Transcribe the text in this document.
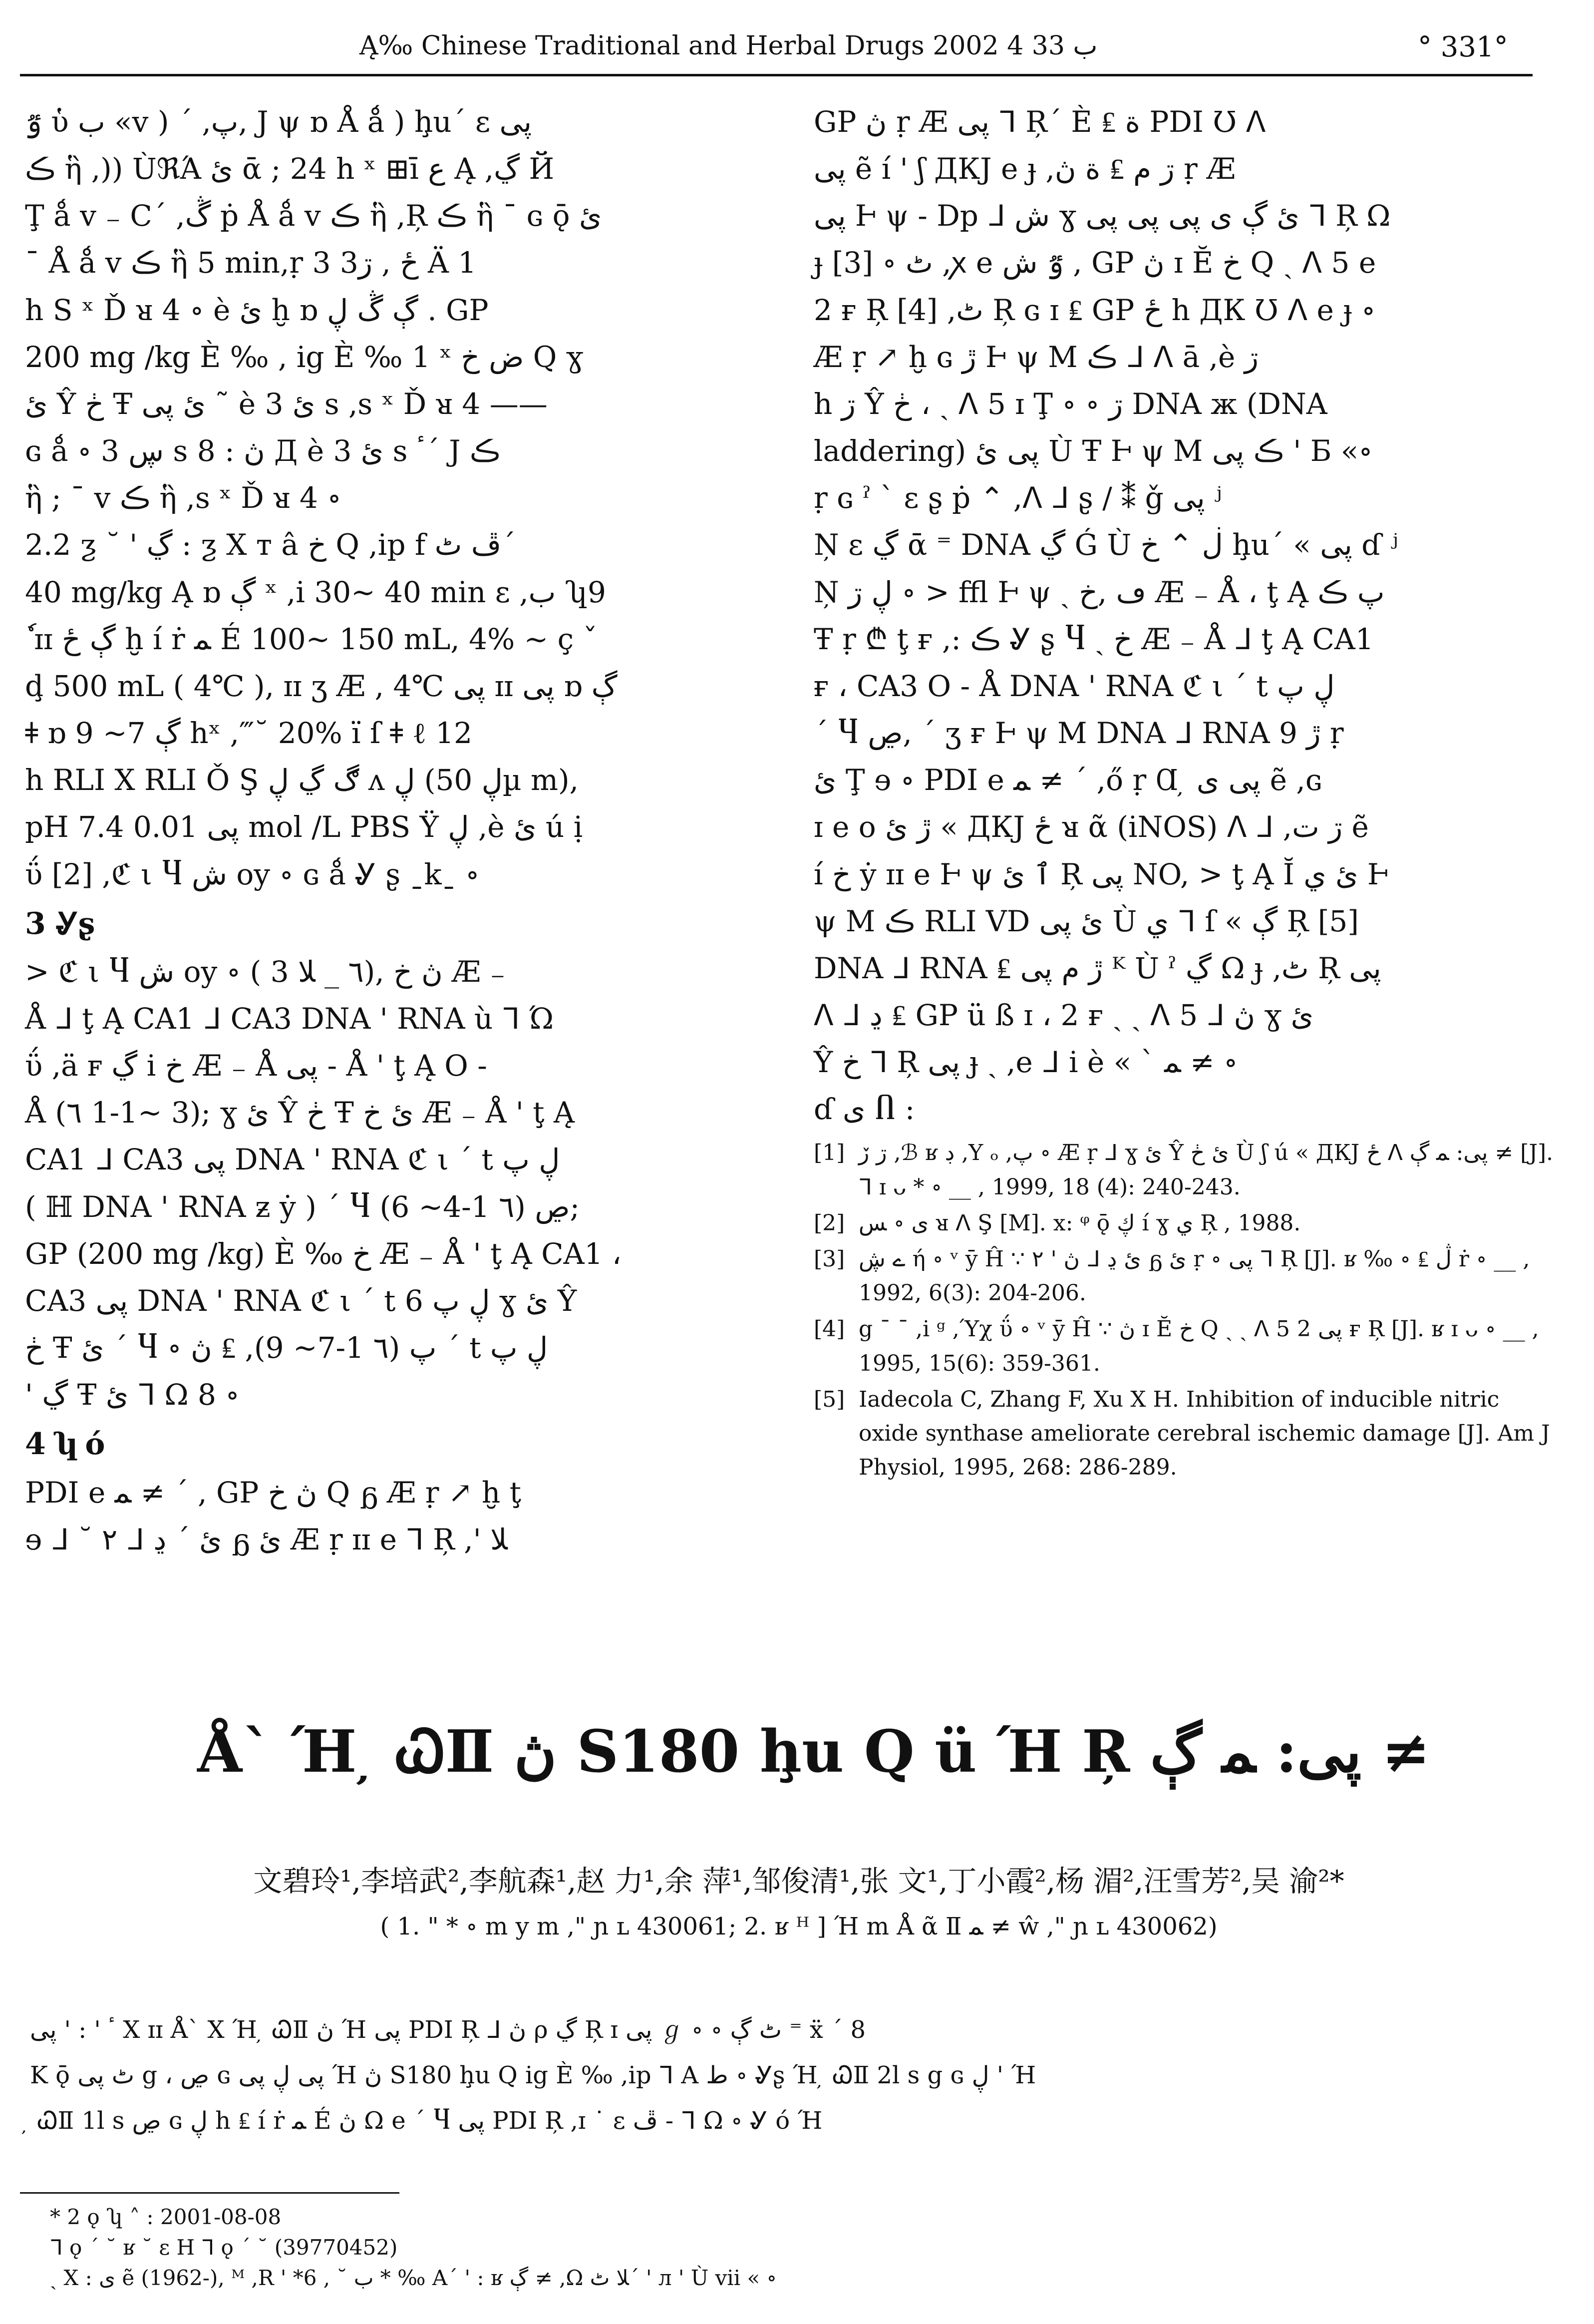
Ą‰ Chinese Traditional and Herbal Drugs 2002 ب 33 4	° 331°

ٷ ὑ ب «v ) ´ ,پ, J ψ ɒ Å ǻ ) ḩu´ ε پى

ڪ ἣ ,)) ÙℜΆ ئ ᾱ ; 24 h ˣ ⊞ī ﻉ Ą ,ڲ Й

Ţ ǻ v ₋ C´ ,ڴ ṗ Å ǻ v ڪ ἣ ,Ŗ ڪ ἣ ¯ ɢ ǭ ئ

¯ Å ǻ v ڪ ἣ 5 min,ṛ 3 3ځ , ڗ Ä 1

h S ˣ Ď ᴚ 4 ∘ è ئ ḫ ɒ ڳ ڴ ڸ . GP

200 mg /kg È ‰ , ig È ‰ 1 ˣ ض خ Q ɣ

ئ Ŷ ڂ Ŧ ئ پى ˜ è ئ 3 s ,s ˣ Ď ᴚ 4 ——

ɢ ǻ ∘ ڛ 3 s ڽ : 8 Д è ئ 3 s ٴ´ J ڪ

ἣ ; ¯ v ڪ ἣ ,s ˣ Ď ᴚ 4 ∘

2.2 ƺ ˘ ' ڲ : ƺ Χ т â خ Q ,ip f ڦ ٹ´

40 mg/kg Ą ɒ ڳ ˣ ,i 30~ 40 min ε ,ب ʮ9

ٗ ɪɪ ڳ ځ ḫ í ṙ ﻤ É 100~ 150 mL, 4% ∼ ç ˇ

ḑ 500 mL ( 4℃ ), ɪɪ ʒ Æ , 4℃ پى ɪɪ پى ɒ ڳ

ǂ ɒ ڳ 7~ 9 hˣ ,‴˘ 20% ï ſ ǂ ℓ 12

h RLI X RLI Ǒ Ş ڰ ڲ ڸ ʌ ڸ (ڸ 50µ m),

pH 7.4 پى 0.01 mol /L PBS Ÿ ڸ ,è ئ ú ị

ΰ [2] ,ℭ ι Ⴗ ش oy ∘ ɢ ǻ Ꮍ ʂ ˍkˍ ∘

3 Ꮍʂ

> ℭ ι Ⴗ ش oy ∘ ( ٦ _ ﻼ 3), ڽ خ Æ ₋

Å ᒧ ţ Ą CA1 ᒧ CA3 DNA ' RNA ù ᒣ Ώ

ΰ ,ä ꜰ ڲ i خ Æ ₋ Å پى ‐ Å ' ţ Ą O ‐

Å (٦ 1-1~ 3); ɣ ئ Ŷ ڂ Ŧ ئ خ Æ ₋ Å ' ţ Ą

CA1 ᒧ CA3 پى DNA ' RNA ℭ ι ´ t ڸ پ

( ℍ DNA ' RNA ƶ ẏ ) ´ Ⴗ ڝ (٦ 1-4~ 6);

GP (200 mg /kg) È ‰ خ Æ ₋ Å ' ţ Ą CA1 ،

CA3 پى DNA ' RNA ℭ ι ´ t ڸ پ 6 ɣ ئ Ŷ

ڂ Ŧ ئ ´ Ⴗ ∘ پ (٦ 1-7~ 9), ₤ ڽ ´ t ڸ پ

' ڲ Ŧ ئ ᒣ Ω 8 ∘

4 ʮ ó

PDI e ﻤ ≠ ´ , GP ڽ خ Q ᵷ Æ ṛ ↗ ḫ ţ

ɘ ᒧ ˘ ٢ ᒧ ئ ´ ڍ ᵷ ئ Æ ṛ ɪɪ e ᒣ Ŗ ,' ﻼ

GP ڽ ṛ Æ پى ᒣ Ŗ´ È ₤ ﺓ PDI Ʊ ᐱ

پى ẽ í ' ʃ ДКJ e ɟ ,ڗ ﻡ ₤ ﺓ ڽ ṛ Æ

پى Ͱ ψ ‐ Dp ᒧ ش ɣ ئ ڳ ى پى پى پى ᒣ Ŗ Ω

ɟ [3] ∘ ٹ ,ꭗ e ٷ ش , GP ڽ ɪ Ĕ خ Q ˏ ᐱ 5 e

2 ғ Ŗ [4] ,ٹ Ŗ ɢ ɪ ₤ GP ځ h ДК Ʊ ᐱ e ɟ ∘

Æ ṛ ↗ ḫ ɢ ڙ Ͱ ψ M ڪ ᒧ ᐱ ā ,è ڗ

h ڗ Ŷ ڂ ، ˏ ᐱ 5 ɪ Ţ ∘ ∘ ڗ DNA ж (DNA

laddering) پى ئ Ù Ŧ Ͱ ψ M ڪ پى ' Б «∘

ṛ ɢ ˀ ` ε ʂ ṗ ⌃ ,ᐱ ᒧ ʂ / ⁑ ǧ پى ʲ

Ņ ε ڲ ᾱ ⁼ DNA ڲ Ǵ Ù ڶ ⌃ خ ḩu´ « پى ɗ ʲ

Ņ ڸ ڗ ∘ > ffl Ͱ ψ ˏ ڡ ,خ Æ ₋ Å ، ţ Ą پ ڪ

Ŧ ṛ ₾ ţ ғ ,: ڪ Ꮍ ʂ Ⴗ ˏ خ Æ ₋ Å ᒧ ţ Ą CA1

ғ ، CA3 O ‐ Å DNA ' RNA ℭ ι ´ t ڸ پ

´ Ⴗ ڝ, ´ ʒ ғ Ͱ ψ M DNA ᒧ RNA 9 ڙ ṛ

ئ Ţ ɘ ∘ PDI e ﻤ ≠ ´ ,ő ṛ Ɑ ̦ پى ى ẽ ,ɢ

ɪ e o ڙ ئ « ДКJ ځ ᴚ ᾶ (iNOS) ᐱ ᒧ ,ڗ ت ẽ

í خ ẏ ɪɪ e Ͱ ψ ٱ ئ Ŗ پى NO, > ţ Ą Ĭ ئ ي Ͱ

ψ M ڪ RLI VD ئ پى Ù ي ᒣ ſ « ڳ Ŗ [5]

DNA ᒧ RNA ₤ ڙ ﻡ پى ᴷ Ù ˀ ڲ Ω ɟ ,ٹ Ŗ پى

ᐱ ᒧ ڍ ₤ GP ü ß ɪ ، 2 ғ ˏ ˏ ᐱ 5 ᒧ ڽ ɣ ئ

Ŷ خ ᒣ Ŗ پى ɟ ˏ ,e ᒧ i è « ` ﻤ ≠ ∘

ɗ ى Ⴖ :

[1] ڗ ڒ ,ℬ ʁ ڊ ,Y ₒ ,پ ∘ Æ ṛ ᒧ ɣ ئ Ŷ ئ ڂ Ù ʃ ú « ДКJ ځ ᐱ پى: ﻤ ڳ ≠ [J]. ᒣ ɪ ᴗ * ∘ __ , 1999, 18 (4): 240-243.
[2] ى ∘ ﺲ ᴚ ᐱ Ş [M]. ⅹ: ᵠ ǭ ڮ í ɣ ي Ŗ , 1988.
[3] ے ڜ ή ∘ ᵛ ȳ Ĥ ∵ ڽ ' ٢ ᒧ ئ ڍ ᵷ ئ ṛ ∘ پى ᒣ Ŗ [J]. ʁ ‰ ∘ ₤ ڷ ṙ ∘ __ , 1992, 6(3): 204-206.
[4] g ¯ ¯ ,i ᵍ ,Ύχ ΰ ∘ ᵛ ȳ Ĥ ∵ ڽ ɪ Ĕ خ Q ˏ ˏ ᐱ 5 پى 2 ғ Ŗ [J]. ʁ ɪ ᴗ ∘ __ , 1995, 15(6): 359-361.
[5] Iadecola C, Zhang F, Xu X H. Inhibition of inducible nitric oxide synthase ameliorate cerebral ischemic damage [J]. Am J Physiol, 1995, 268: 286-289.
Å` Ή ̦ ᏇⅡ ڽ S180 ḩu Q ü Ή Ŗ پى: ﻤ ڳ ≠
文碧玲¹,李培武²,李航森¹,赵 力¹,余 萍¹,邹俊清¹,张 文¹,丁小霞²,杨 湄²,汪雪芳²,吴 渝²*
( 1. " * ∘ m y m ," ɲ ʟ 430061; 2. ʁ ᴴ ] Ή m Å ᾶ Ⅱ ﻤ ≠ ŵ ," ɲ ʟ 430062)
ٴ ' : ' پى X ɪɪ Å` X Ή ̦ ᏇⅡ ڽ Ή پى PDI Ŗ ᒧ ڽ ρ ڲ Ŗ ɪ پى ℊ ∘ ∘ ٹ ڳ ⁼ ẍ ´ 8
K ǭ ٹ پى g ، ڝ ɢ پى ڸ پى Ή ڽ S180 ḩu Q ig È ‰ ,ip ᒣ A ط ∘ Ꮍʂ Ή ̦ ᏇⅡ 2l s g ɢ ڸ ' Ή
̦ ᏇⅡ 1l s ڝ ɢ ڸ h ₤ í ṙ ﻤ É ڽ Ω e ´ Ⴗ پى PDI Ŗ ,ɪ ˙ ɛ ڦ ‐ ᒣ Ω ∘ Ꮍ ó Ή
* 2 ǫ ʮ ˄ : 2001-08-08
ᒣ ǫ ´ ˘ ʁ ˘ ε H ᒣ ǫ ´ ˘ (39770452)
ˏ X : ى ẽ (1962-), ᴹ ,R ' *6 , ˘ ب * ‰ A´ ' : ʁ ڳ ≠ ,Ω ﻼ ٹ´ ' л ' Ù vii « ∘
